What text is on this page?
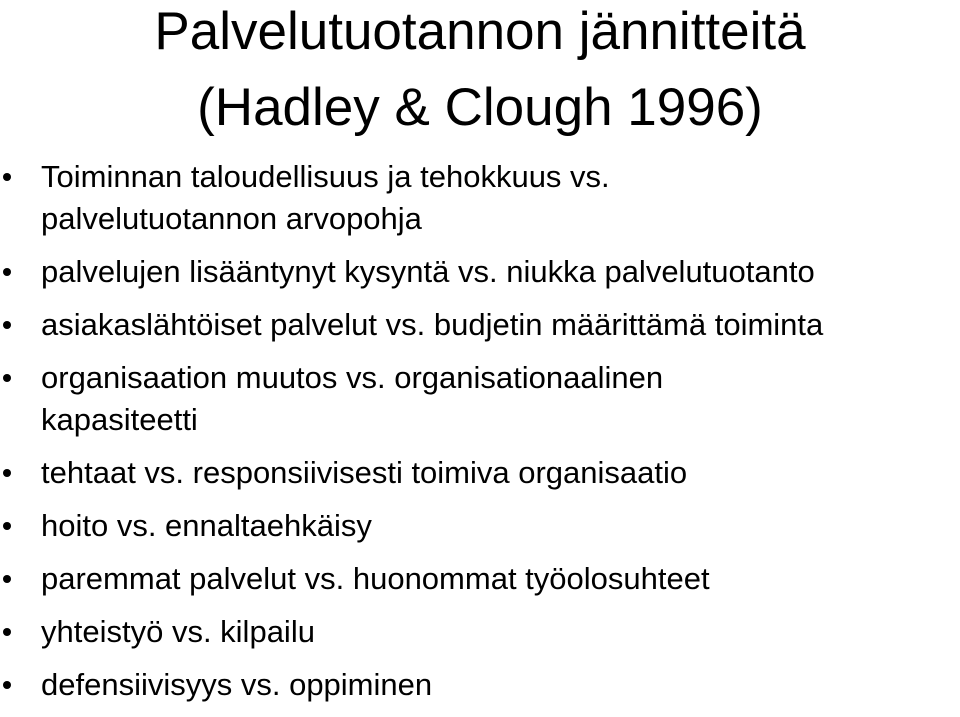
Palvelutuotannon jännitteitä
(Hadley & Clough 1996)
Toiminnan taloudellisuus ja tehokkuus vs.
palvelutuotannon arvopohja
palvelujen lisääntynyt kysyntä vs. niukka palvelutuotanto
asiakaslähtöiset palvelut vs. budjetin määrittämä toiminta
organisaation muutos vs. organisationaalinen
kapasiteetti
tehtaat vs. responsiivisesti toimiva organisaatio
hoito vs. ennaltaehkäisy
paremmat palvelut vs. huonommat työolosuhteet
yhteistyö vs. kilpailu
defensiivisyys vs. oppiminen
